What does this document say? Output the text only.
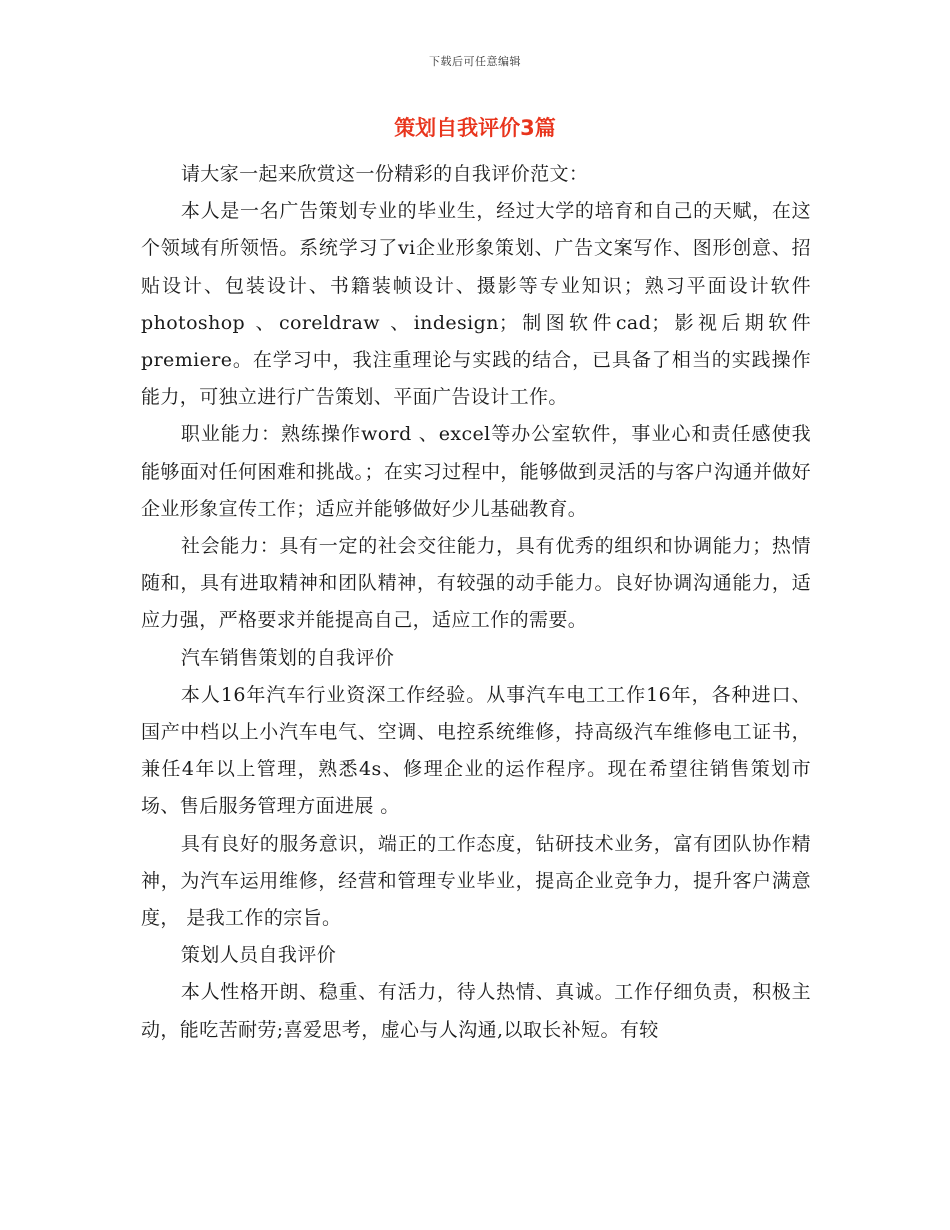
下载后可任意编辑
策划自我评价3篇

请大家一起来欣赏这一份精彩的自我评价范文：

本人是一名广告策划专业的毕业生，经过大学的培育和自己的天赋，在这个领域有所领悟。系统学习了vi企业形象策划、广告文案写作、图形创意、招贴设计、包装设计、书籍装帧设计、摄影等专业知识；熟习平面设计软件photoshop 、coreldraw 、indesign；制图软件cad；影视后期软件premiere。在学习中，我注重理论与实践的结合，已具备了相当的实践操作能力，可独立进行广告策划、平面广告设计工作。

职业能力：熟练操作word 、excel等办公室软件，事业心和责任感使我能够面对任何困难和挑战。；在实习过程中，能够做到灵活的与客户沟通并做好企业形象宣传工作；适应并能够做好少儿基础教育。

社会能力：具有一定的社会交往能力，具有优秀的组织和协调能力；热情随和，具有进取精神和团队精神，有较强的动手能力。良好协调沟通能力，适应力强，严格要求并能提高自己，适应工作的需要。

汽车销售策划的自我评价

本人16年汽车行业资深工作经验。从事汽车电工工作16年，各种进口、国产中档以上小汽车电气、空调、电控系统维修，持高级汽车维修电工证书，兼任4年以上管理，熟悉4s、修理企业的运作程序。现在希望往销售策划市场、售后服务管理方面进展 。

具有良好的服务意识，端正的工作态度，钻研技术业务，富有团队协作精神，为汽车运用维修，经营和管理专业毕业，提高企业竞争力，提升客户满意度， 是我工作的宗旨。

策划人员自我评价

本人性格开朗、稳重、有活力，待人热情、真诚。工作仔细负责，积极主动，能吃苦耐劳;喜爱思考，虚心与人沟通,以取长补短。有较
